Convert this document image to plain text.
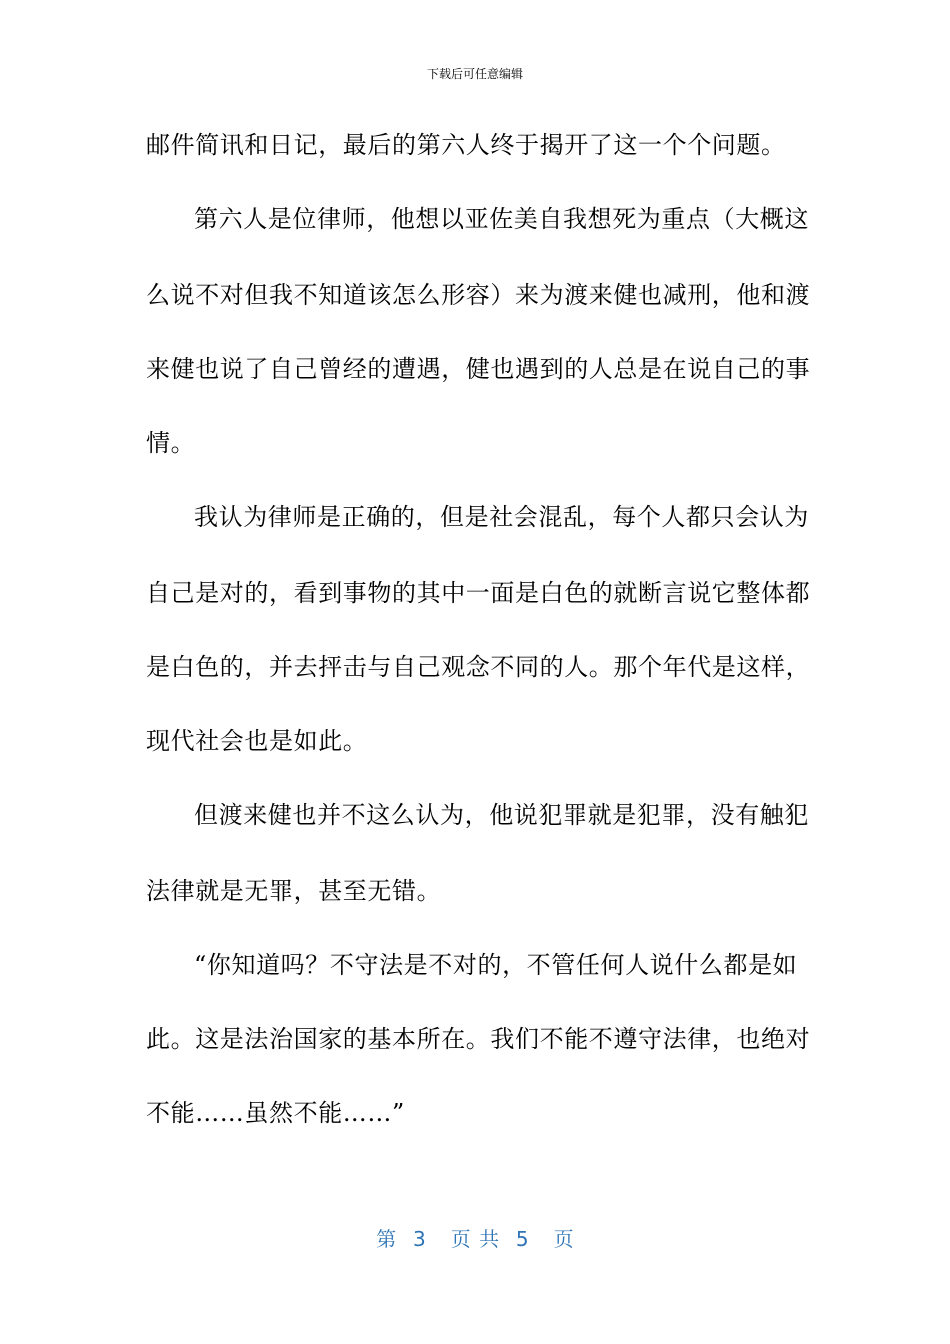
下载后可任意编辑
邮件简讯和日记，最后的第六人终于揭开了这一个个问题。
第六人是位律师，他想以亚佐美自我想死为重点（大概这
么说不对但我不知道该怎么形容）来为渡来健也减刑，他和渡
来健也说了自己曾经的遭遇，健也遇到的人总是在说自己的事
情。
我认为律师是正确的，但是社会混乱，每个人都只会认为
自己是对的，看到事物的其中一面是白色的就断言说它整体都
是白色的，并去抨击与自己观念不同的人。那个年代是这样，
现代社会也是如此。
但渡来健也并不这么认为，他说犯罪就是犯罪，没有触犯
法律就是无罪，甚至无错。
“你知道吗？不守法是不对的，不管任何人说什么都是如
此。这是法治国家的基本所在。我们不能不遵守法律，也绝对
不能……虽然不能……”
第  3   页 共  5   页
